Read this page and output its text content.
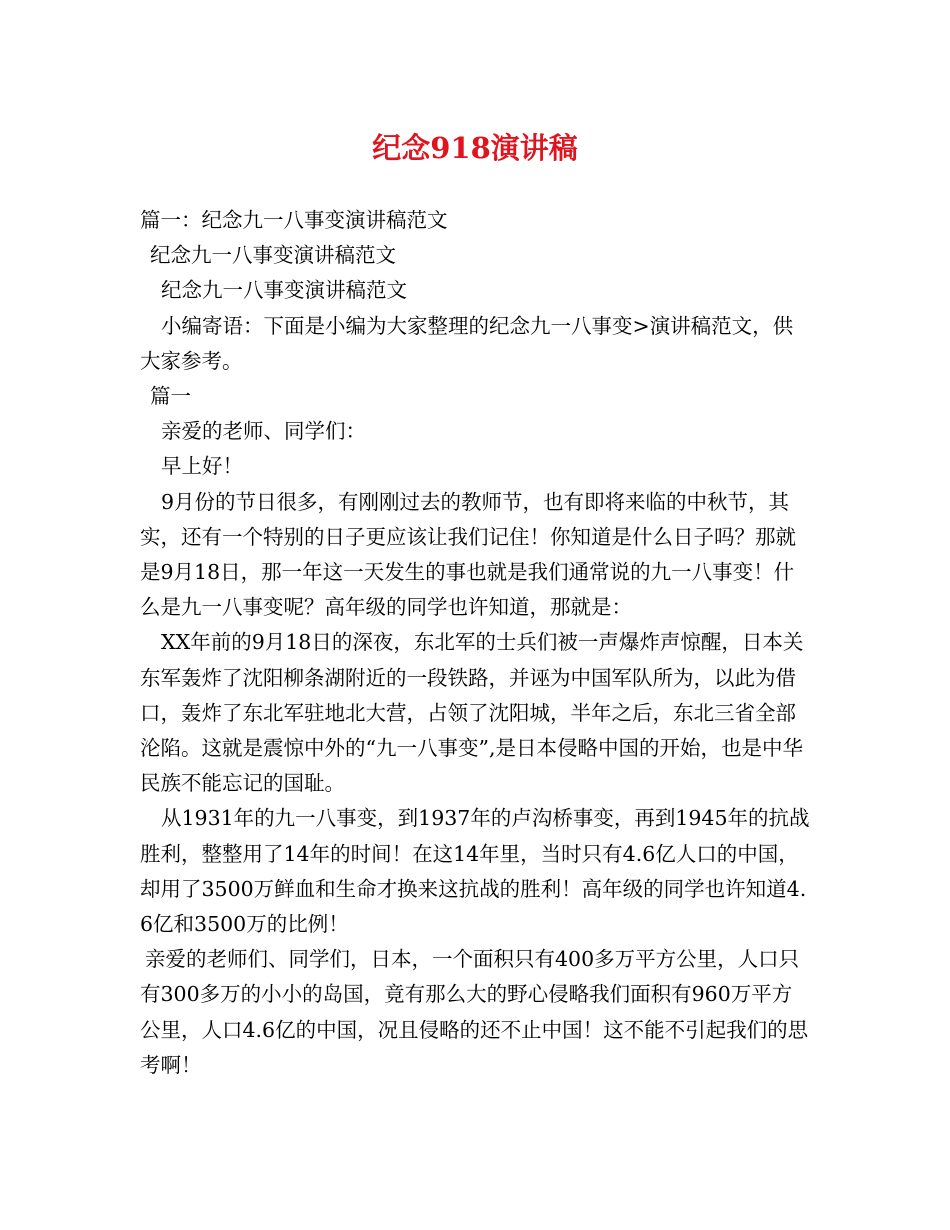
纪念918演讲稿

篇一：纪念九一八事变演讲稿范文

纪念九一八事变演讲稿范文

纪念九一八事变演讲稿范文

小编寄语：下面是小编为大家整理的纪念九一八事变>演讲稿范文，供大家参考。

篇一

亲爱的老师、同学们：

早上好！

9月份的节日很多，有刚刚过去的教师节，也有即将来临的中秋节，其实，还有一个特别的日子更应该让我们记住！你知道是什么日子吗？那就是9月18日，那一年这一天发生的事也就是我们通常说的九一八事变！什么是九一八事变呢？高年级的同学也许知道，那就是：

XX年前的9月18日的深夜，东北军的士兵们被一声爆炸声惊醒，日本关东军轰炸了沈阳柳条湖附近的一段铁路，并诬为中国军队所为，以此为借口，轰炸了东北军驻地北大营，占领了沈阳城，半年之后，东北三省全部沦陷。这就是震惊中外的“九一八事变”,是日本侵略中国的开始，也是中华民族不能忘记的国耻。

从1931年的九一八事变，到1937年的卢沟桥事变，再到1945年的抗战胜利，整整用了14年的时间！在这14年里，当时只有4.6亿人口的中国，却用了3500万鲜血和生命才换来这抗战的胜利！高年级的同学也许知道4.6亿和3500万的比例！

亲爱的老师们、同学们，日本，一个面积只有400多万平方公里，人口只有300多万的小小的岛国，竟有那么大的野心侵略我们面积有960万平方公里，人口4.6亿的中国，况且侵略的还不止中国！这不能不引起我们的思考啊！
